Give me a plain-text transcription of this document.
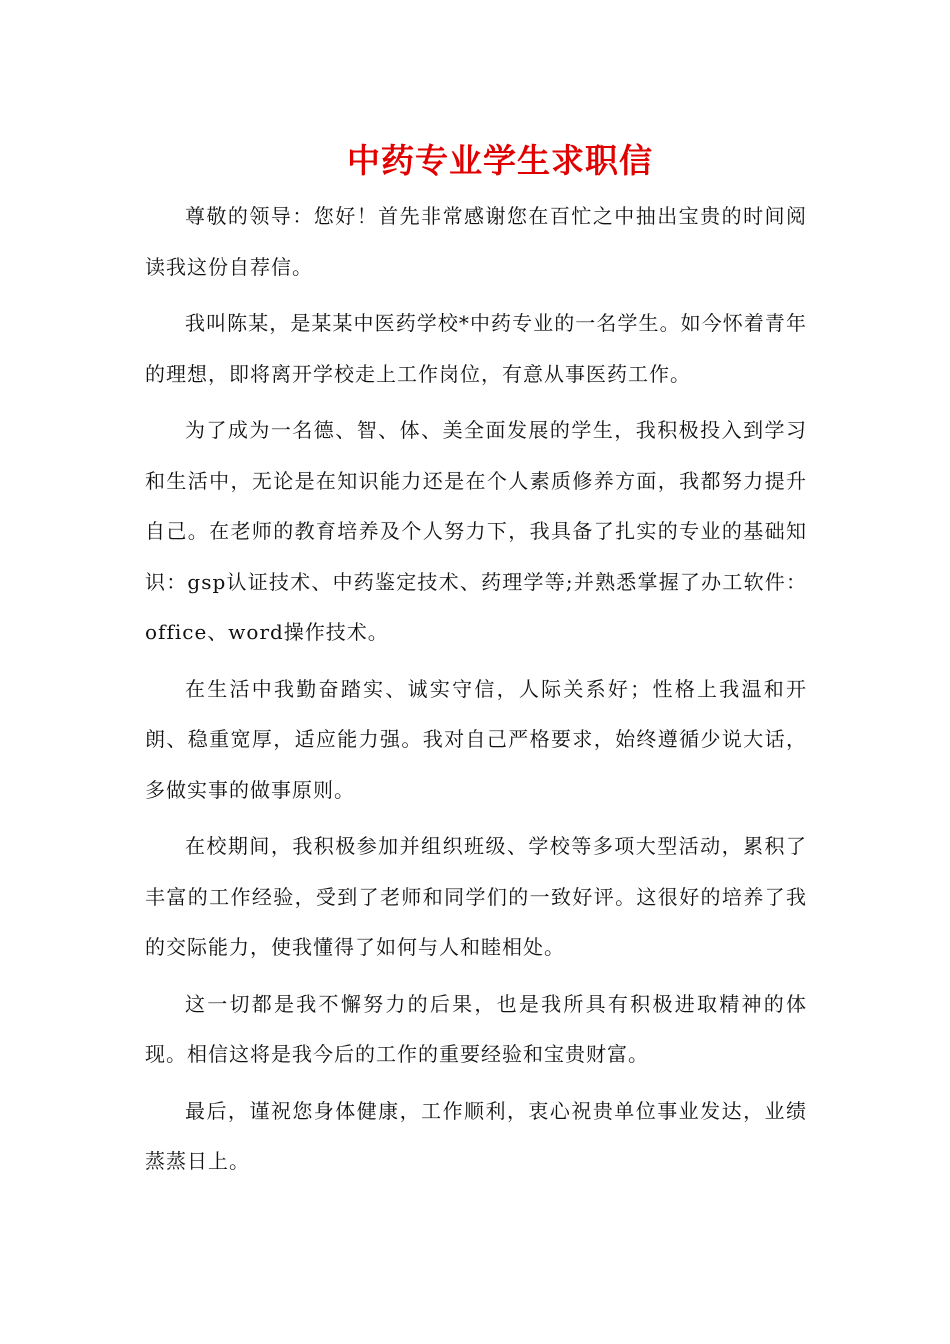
中药专业学生求职信

尊敬的领导：您好！首先非常感谢您在百忙之中抽出宝贵的时间阅读我这份自荐信。

我叫陈某，是某某中医药学校*中药专业的一名学生。如今怀着青年的理想，即将离开学校走上工作岗位，有意从事医药工作。

为了成为一名德、智、体、美全面发展的学生，我积极投入到学习和生活中，无论是在知识能力还是在个人素质修养方面，我都努力提升自己。在老师的教育培养及个人努力下，我具备了扎实的专业的基础知识：gsp认证技术、中药鉴定技术、药理学等;并熟悉掌握了办工软件：office、word操作技术。

在生活中我勤奋踏实、诚实守信，人际关系好；性格上我温和开朗、稳重宽厚，适应能力强。我对自己严格要求，始终遵循少说大话，多做实事的做事原则。

在校期间，我积极参加并组织班级、学校等多项大型活动，累积了丰富的工作经验，受到了老师和同学们的一致好评。这很好的培养了我的交际能力，使我懂得了如何与人和睦相处。

这一切都是我不懈努力的后果，也是我所具有积极进取精神的体现。相信这将是我今后的工作的重要经验和宝贵财富。

最后，谨祝您身体健康，工作顺利，衷心祝贵单位事业发达，业绩蒸蒸日上。
